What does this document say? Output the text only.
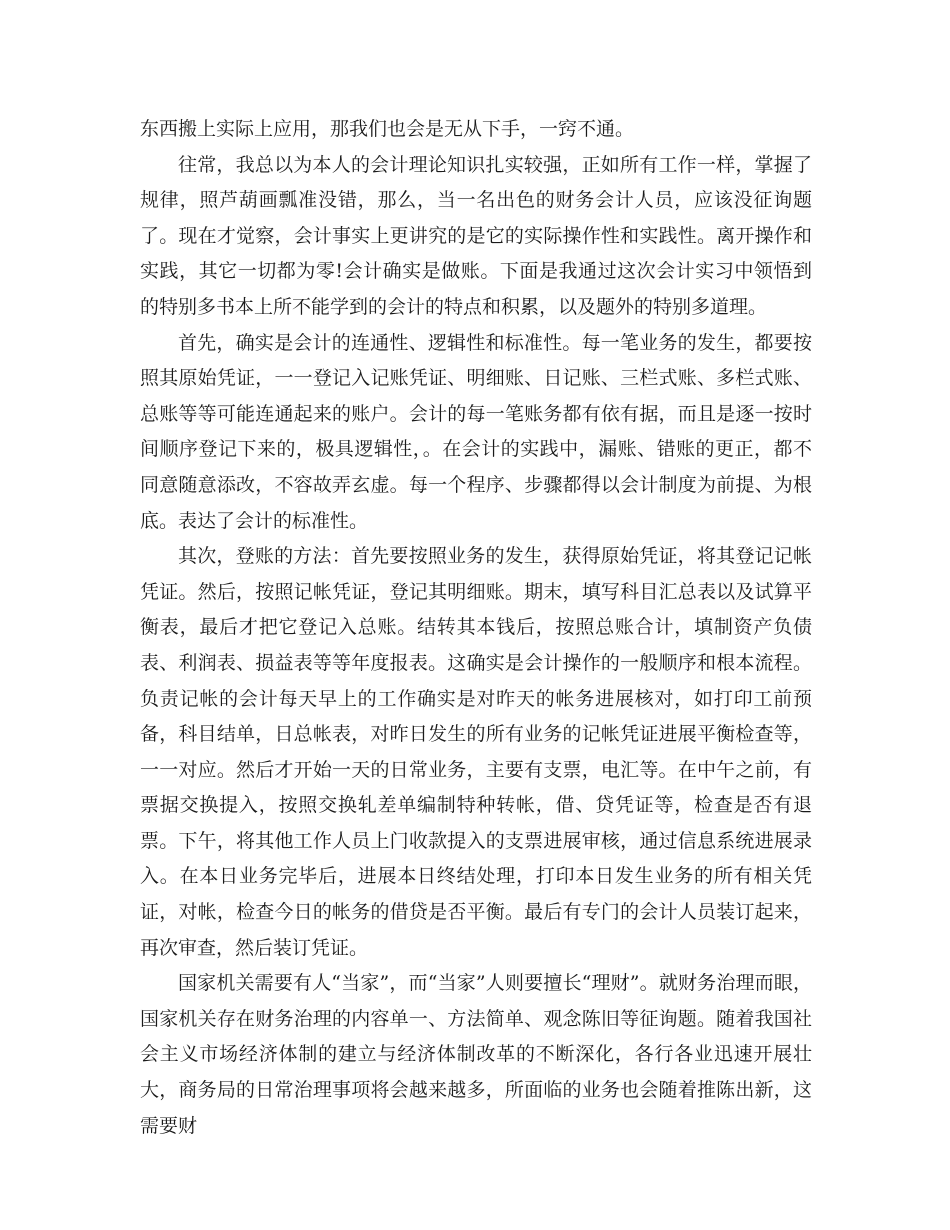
东西搬上实际上应用，那我们也会是无从下手，一窍不通。

往常，我总以为本人的会计理论知识扎实较强，正如所有工作一样，掌握了规律，照芦葫画瓢准没错，那么，当一名出色的财务会计人员，应该没征询题了。现在才觉察，会计事实上更讲究的是它的实际操作性和实践性。离开操作和实践，其它一切都为零!会计确实是做账。下面是我通过这次会计实习中领悟到的特别多书本上所不能学到的会计的特点和积累，以及题外的特别多道理。

首先，确实是会计的连通性、逻辑性和标准性。每一笔业务的发生，都要按照其原始凭证，一一登记入记账凭证、明细账、日记账、三栏式账、多栏式账、总账等等可能连通起来的账户。会计的每一笔账务都有依有据，而且是逐一按时间顺序登记下来的，极具逻辑性，。在会计的实践中，漏账、错账的更正，都不同意随意添改，不容故弄玄虚。每一个程序、步骤都得以会计制度为前提、为根底。表达了会计的标准性。

其次，登账的方法：首先要按照业务的发生，获得原始凭证，将其登记记帐凭证。然后，按照记帐凭证，登记其明细账。期末，填写科目汇总表以及试算平衡表，最后才把它登记入总账。结转其本钱后，按照总账合计，填制资产负债表、利润表、损益表等等年度报表。这确实是会计操作的一般顺序和根本流程。负责记帐的会计每天早上的工作确实是对昨天的帐务进展核对，如打印工前预备，科目结单，日总帐表，对昨日发生的所有业务的记帐凭证进展平衡检查等，一一对应。然后才开始一天的日常业务，主要有支票，电汇等。在中午之前，有票据交换提入，按照交换轧差单编制特种转帐，借、贷凭证等，检查是否有退票。下午，将其他工作人员上门收款提入的支票进展审核，通过信息系统进展录入。在本日业务完毕后，进展本日终结处理，打印本日发生业务的所有相关凭证，对帐，检查今日的帐务的借贷是否平衡。最后有专门的会计人员装订起来，再次审查，然后装订凭证。

国家机关需要有人“当家”，而“当家”人则要擅长“理财”。就财务治理而眼，国家机关存在财务治理的内容单一、方法简单、观念陈旧等征询题。随着我国社会主义市场经济体制的建立与经济体制改革的不断深化，各行各业迅速开展壮大，商务局的日常治理事项将会越来越多，所面临的业务也会随着推陈出新，这需要财
